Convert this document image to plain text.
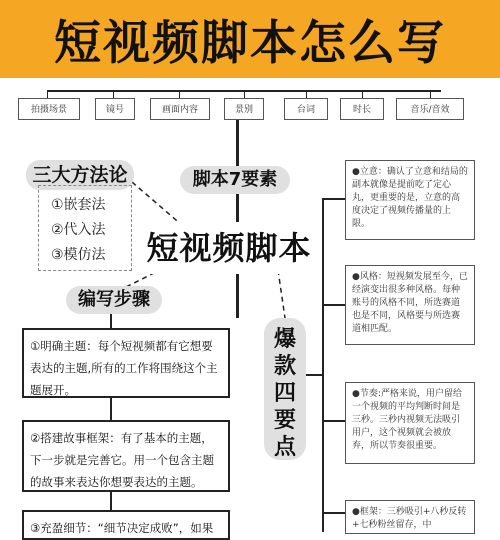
短视频脚本怎么写
拍摄场景	镜号	画面内容	景别	台词	时长	音乐/音效
三大方法论
①嵌套法
②代入法
③模仿法
脚本7要素
短视频脚本
编写步骤
①明确主题：每个短视频都有它想要表达的主题,所有的工作将围绕这个主题展开。
②搭建故事框架：有了基本的主题，下一步就是完善它。用一个包含主题的故事来表达你想要表达的主题。
③充盈细节：“细节决定成败”，如果
爆
款
四
要
点
●立意：确认了立意和结局的副本就像是提前吃了定心丸，更重要的是，立意的高度决定了视频传播量的上限。
●风格：短视频发展至今，已经演变出很多种风格。每种账号的风格不同，所选赛道也是不同，风格要与所选赛道相匹配。
●节奏:严格来说，用户留给一个视频的平均判断时间是三秒。三秒内视频无法吸引用户，这个视频就会被放弃，所以节奏很重要。
●框架：三秒吸引+八秒反转+七秒粉丝留存，中
